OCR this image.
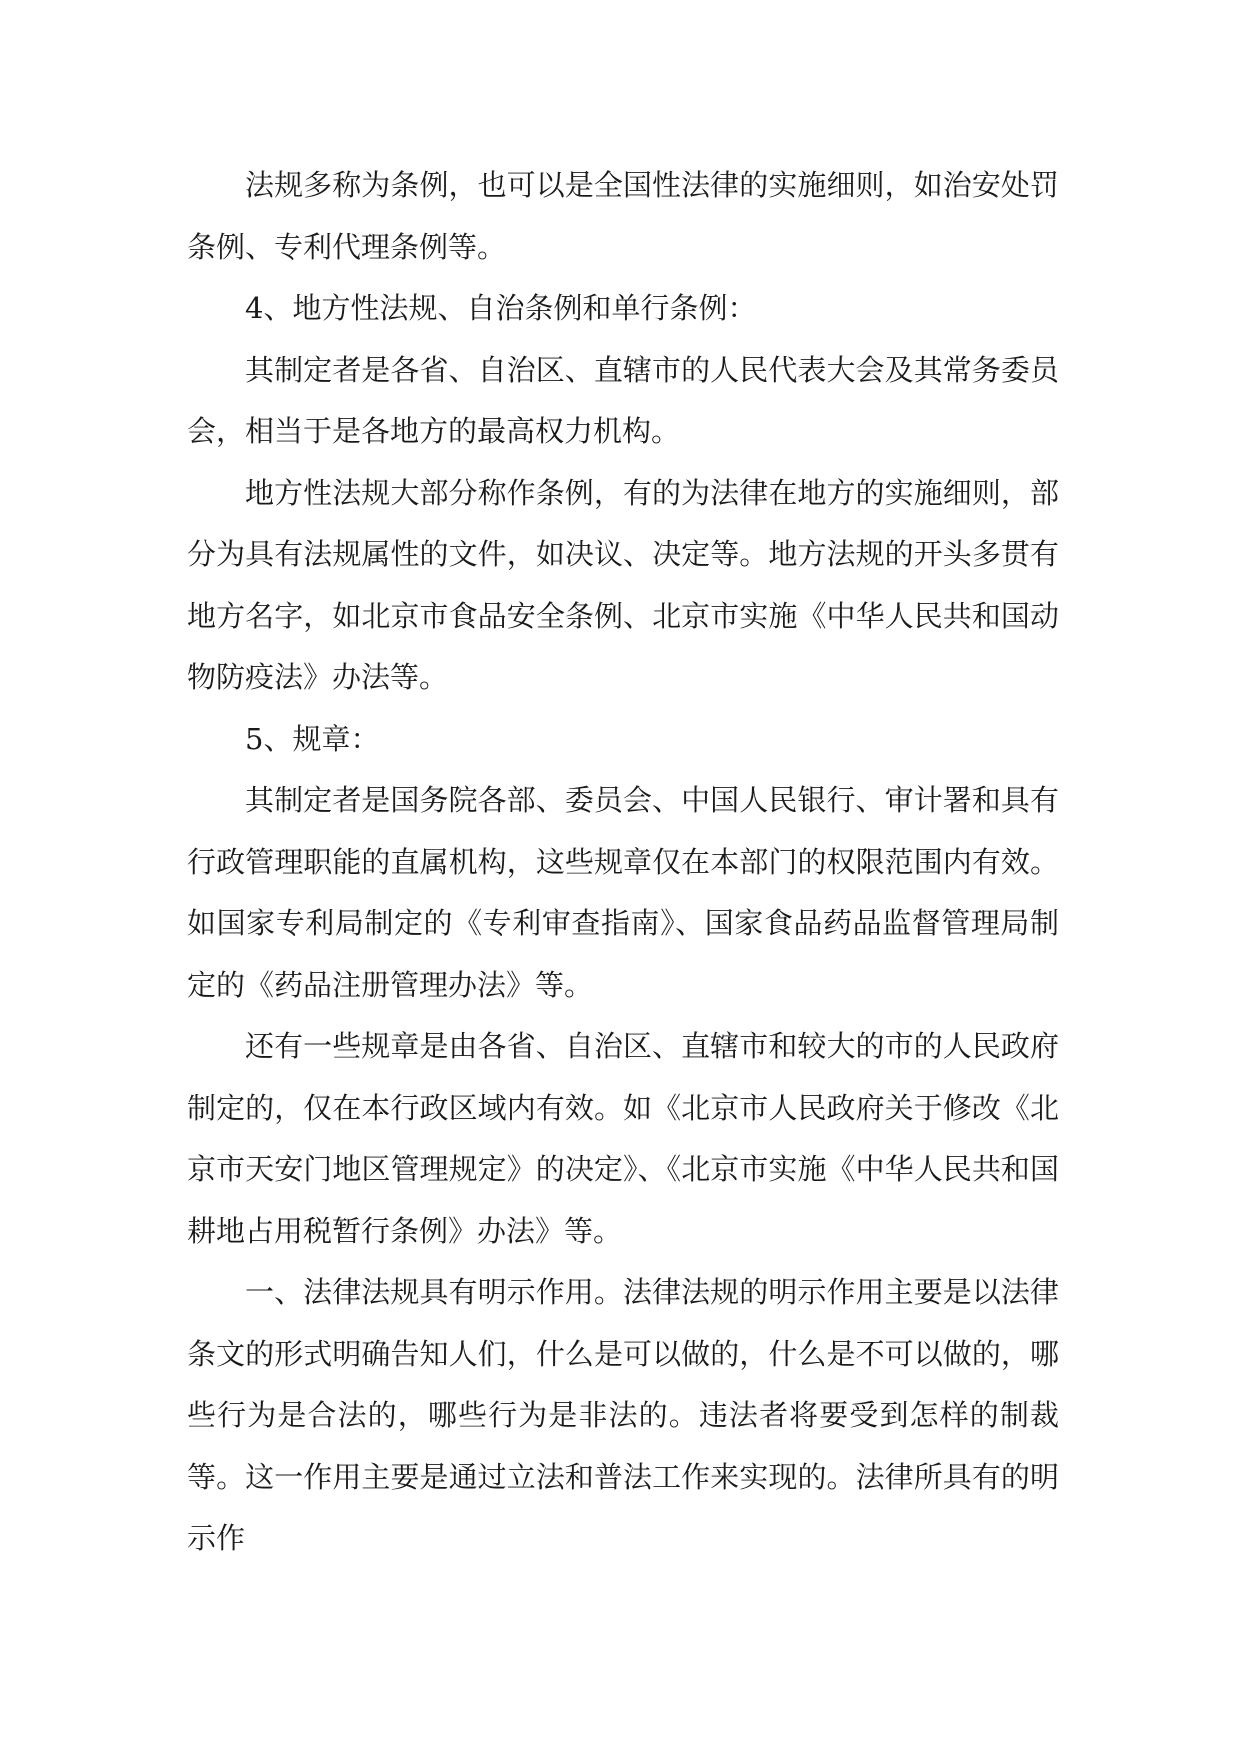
法规多称为条例，也可以是全国性法律的实施细则，如治安处罚条例、专利代理条例等。

4、地方性法规、自治条例和单行条例：

其制定者是各省、自治区、直辖市的人民代表大会及其常务委员会，相当于是各地方的最高权力机构。

地方性法规大部分称作条例，有的为法律在地方的实施细则，部分为具有法规属性的文件，如决议、决定等。地方法规的开头多贯有地方名字，如北京市食品安全条例、北京市实施《中华人民共和国动物防疫法》办法等。

5、规章：

其制定者是国务院各部、委员会、中国人民银行、审计署和具有行政管理职能的直属机构，这些规章仅在本部门的权限范围内有效。如国家专利局制定的《专利审查指南》、国家食品药品监督管理局制定的《药品注册管理办法》等。

还有一些规章是由各省、自治区、直辖市和较大的市的人民政府制定的，仅在本行政区域内有效。如《北京市人民政府关于修改《北京市天安门地区管理规定》的决定》、《北京市实施《中华人民共和国耕地占用税暂行条例》办法》等。

一、法律法规具有明示作用。法律法规的明示作用主要是以法律条文的形式明确告知人们，什么是可以做的，什么是不可以做的，哪些行为是合法的，哪些行为是非法的。违法者将要受到怎样的制裁等。这一作用主要是通过立法和普法工作来实现的。法律所具有的明示作
